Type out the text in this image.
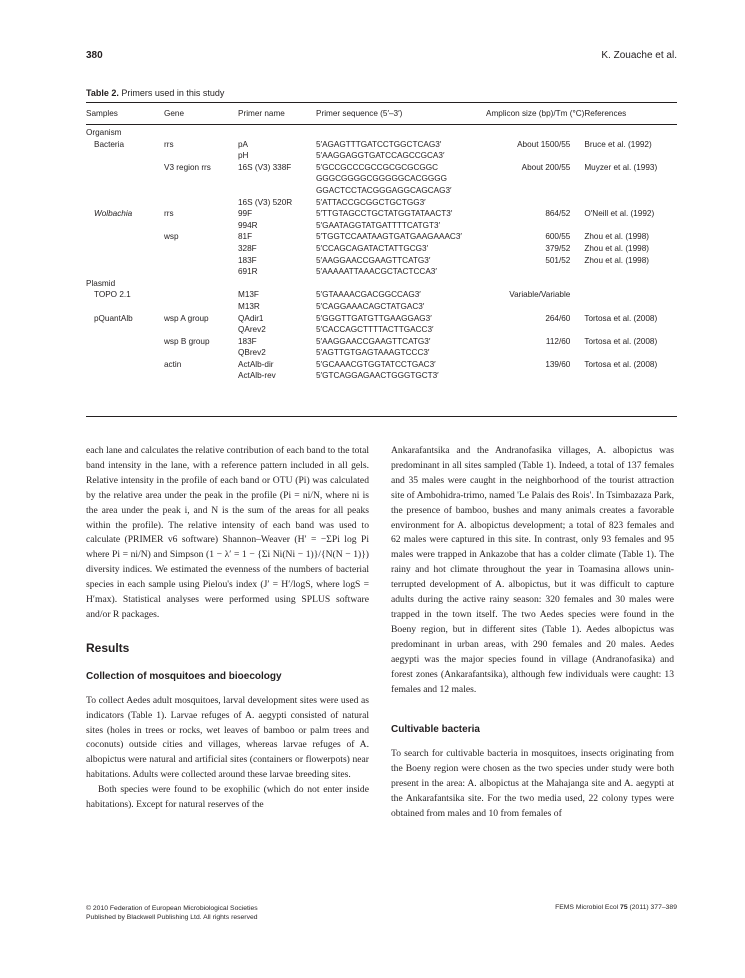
380	K. Zouache et al.
Table 2. Primers used in this study
Samples	Gene	Primer name	Primer sequence (5′–3′)	Amplicon size (bp)/Tm (°C)	References
Organism					
Bacteria	rrs	pA	5′AGAGTTTGATCCTGGCTCAG3′	About 1500/55	Bruce et al. (1992)
		pH	5′AAGGAGGTGATCCAGCCGCA3′		
	V3 region rrs	16S (V3) 338F	5′GCCGCCCGCCGCGCGCGGC	About 200/55	Muyzer et al. (1993)
			GGGCGGGGCGGGGGCACGGGG		
			GGACTCCTACGGGAGGCAGCAG3′		
		16S (V3) 520R	5′ATTACCGCGGCTGCTGG3′		
Wolbachia	rrs	99F	5′TTGTAGCCTGCTATGGTATAACT3′	864/52	O'Neill et al. (1992)
		994R	5′GAATAGGTATGATTTTCATGT3′		
	wsp	81F	5′TGGTCCAATAAGTGATGAAGAAAC3′	600/55	Zhou et al. (1998)
		328F	5′CCAGCAGATACTATTGCG3′	379/52	Zhou et al. (1998)
		183F	5′AAGGAACCGAAGTTCATG3′	501/52	Zhou et al. (1998)
		691R	5′AAAAATTAAACGCTACTCCA3′		
Plasmid					
TOPO 2.1		M13F	5′GTAAAACGACGGCCAG3′	Variable/Variable	
		M13R	5′CAGGAAACAGCTATGAC3′		
pQuantAlb	wsp A group	QAdir1	5′GGGTTGATGTTGAAGGAG3′	264/60	Tortosa et al. (2008)
		QArev2	5′CACCAGCTTTTACTTGACC3′		
	wsp B group	183F	5′AAGGAACCGAAGTTCATG3′	112/60	Tortosa et al. (2008)
		QBrev2	5′AGTTGTGAGTAAAGTCCC3′		
	actin	ActAlb-dir	5′GCAAACGTGGTATCCTGAC3′	139/60	Tortosa et al. (2008)
		ActAlb-rev	5′GTCAGGAGAACTGGGTGCT3′		

each lane and calculates the relative contribution of each band to the total band intensity in the lane, with a reference pattern included in all gels. Relative intensity in the profile of each band or OTU (Pi) was calculated by the relative area under the peak in the profile (Pi = ni/N, where ni is the area under the peak i, and N is the sum of the areas for all peaks within the profile). The relative intensity of each band was used to calculate (PRIMER v6 software) Shannon–Weaver (H′ = −ΣPi log Pi where Pi = ni/N) and Simpson (1 − λ′ = 1 − {Σi Ni(Ni − 1)}/{N(N − 1)}) diversity indices. We estimated the evenness of the numbers of bacterial species in each sample using Pielou's index (J′ = H′/logS, where logS = H′max). Statistical analyses were performed using SPLUS software and/or R packages.

Results
Collection of mosquitoes and bioecology

To collect Aedes adult mosquitoes, larval development sites were used as indicators (Table 1). Larvae refuges of A. aegypti consisted of natural sites (holes in trees or rocks, wet leaves of bamboo or palm trees and coconuts) outside cities and villages, whereas larvae refuges of A. albopictus were natural and artificial sites (containers or flowerpots) near habitations. Adults were collected around these larvae breeding sites.

Both species were found to be exophilic (which do not enter inside habitations). Except for natural reserves of the

Ankarafantsika and the Andranofasika villages, A. albopictus was predominant in all sites sampled (Table 1). Indeed, a total of 137 females and 35 males were caught in the neighborhood of the tourist attraction site of Ambohidra-trimo, named 'Le Palais des Rois'. In Tsimbazaza Park, the presence of bamboo, bushes and many animals creates a favorable environment for A. albopictus development; a total of 823 females and 62 males were captured in this site. In contrast, only 93 females and 95 males were trapped in Ankazobe that has a colder climate (Table 1). The rainy and hot climate throughout the year in Toamasina allows unin-terrupted development of A. albopictus, but it was difficult to capture adults during the active rainy season: 320 females and 30 males were trapped in the town itself. The two Aedes species were found in the Boeny region, but in different sites (Table 1). Aedes albopictus was predominant in urban areas, with 290 females and 20 males. Aedes aegypti was the major species found in village (Andranofasika) and forest zones (Ankarafantsika), although few individuals were caught: 13 females and 12 males.

Cultivable bacteria

To search for cultivable bacteria in mosquitoes, insects originating from the Boeny region were chosen as the two species under study were both present in the area: A. albopictus at the Mahajanga site and A. aegypti at the Ankarafantsika site. For the two media used, 22 colony types were obtained from males and 10 from females of

© 2010 Federation of European Microbiological Societies
Published by Blackwell Publishing Ltd. All rights reserved
FEMS Microbiol Ecol 75 (2011) 377–389
